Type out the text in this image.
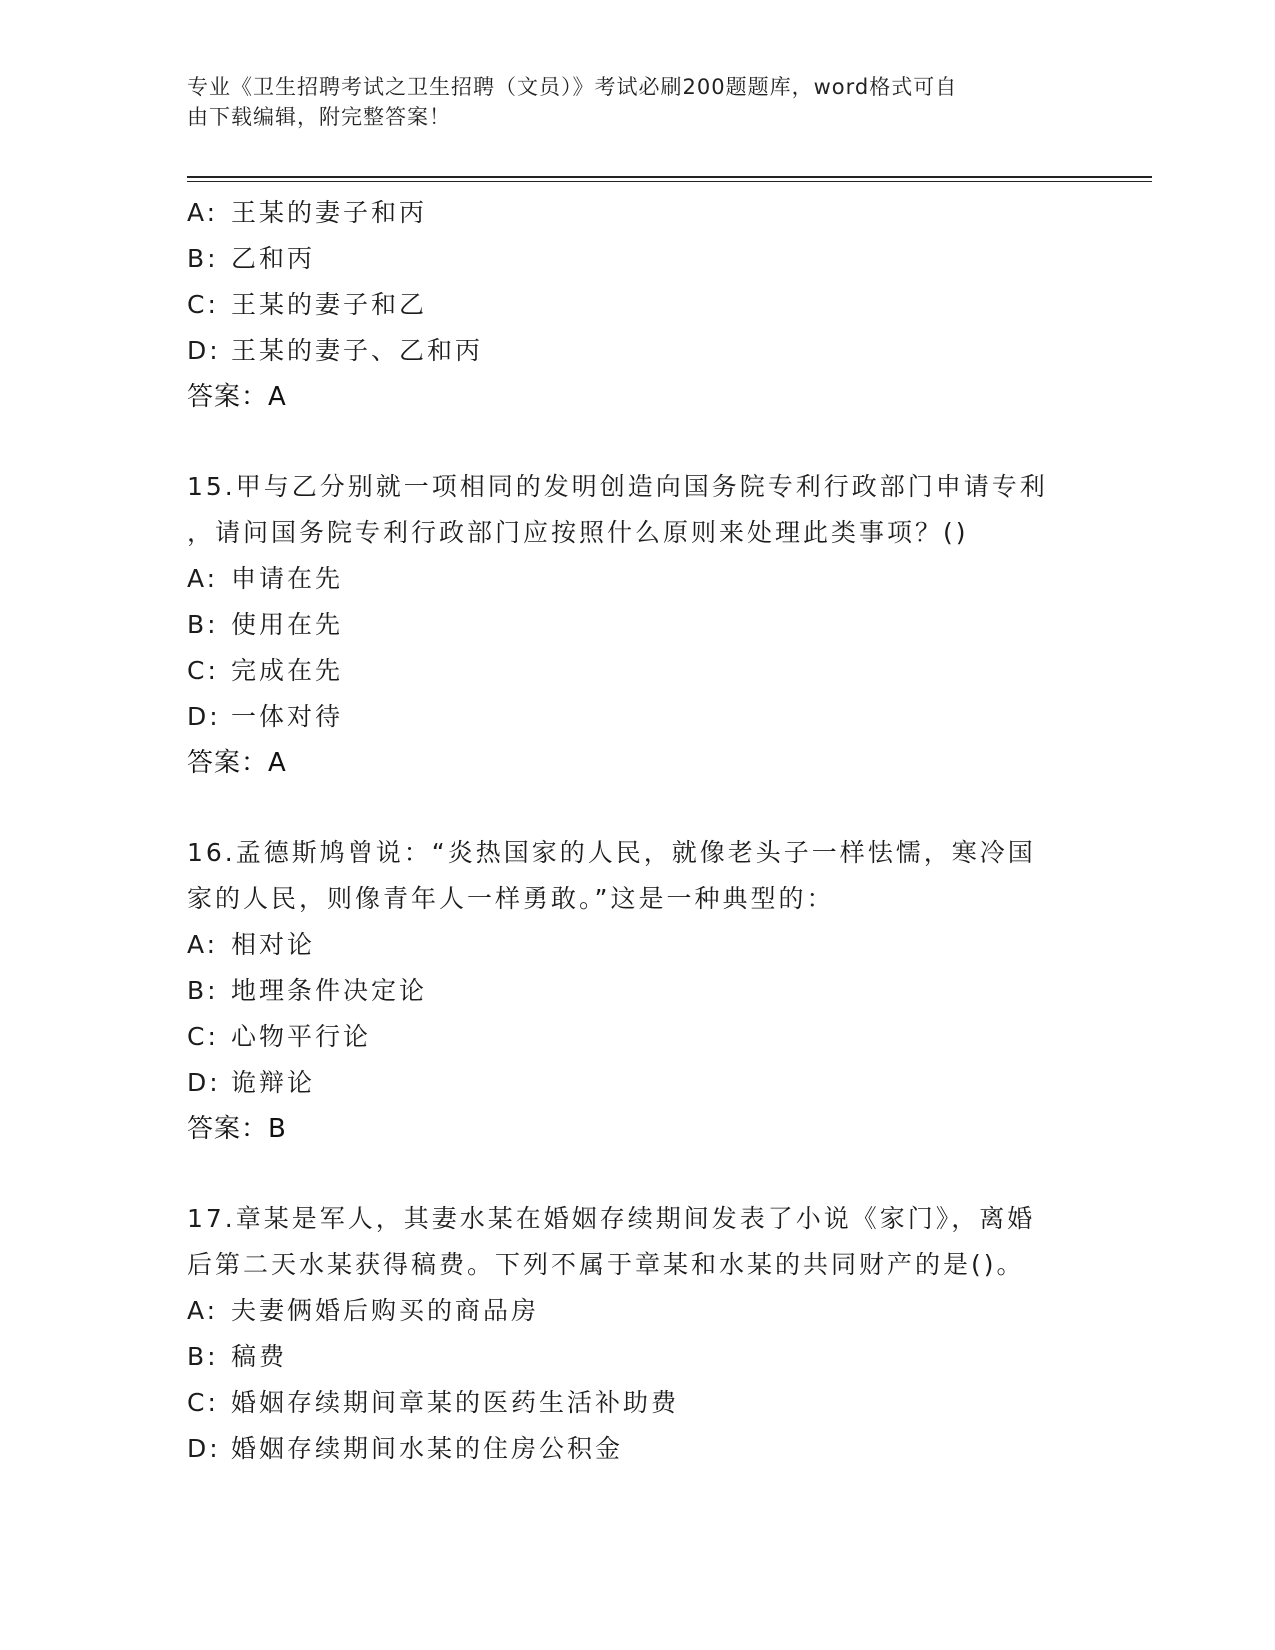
专业《卫生招聘考试之卫生招聘（文员）》考试必刷200题题库，word格式可自
由下载编辑，附完整答案！
A: 王某的妻子和丙
B: 乙和丙
C: 王某的妻子和乙
D: 王某的妻子、乙和丙
答案：A
15.甲与乙分别就一项相同的发明创造向国务院专利行政部门申请专利
，请问国务院专利行政部门应按照什么原则来处理此类事项？()
A: 申请在先
B: 使用在先
C: 完成在先
D: 一体对待
答案：A
16.孟德斯鸠曾说：“炎热国家的人民，就像老头子一样怯懦，寒冷国
家的人民，则像青年人一样勇敢。”这是一种典型的：
A: 相对论
B: 地理条件决定论
C: 心物平行论
D: 诡辩论
答案：B
17.章某是军人，其妻水某在婚姻存续期间发表了小说《家门》，离婚
后第二天水某获得稿费。下列不属于章某和水某的共同财产的是()。
A: 夫妻俩婚后购买的商品房
B: 稿费
C: 婚姻存续期间章某的医药生活补助费
D: 婚姻存续期间水某的住房公积金
